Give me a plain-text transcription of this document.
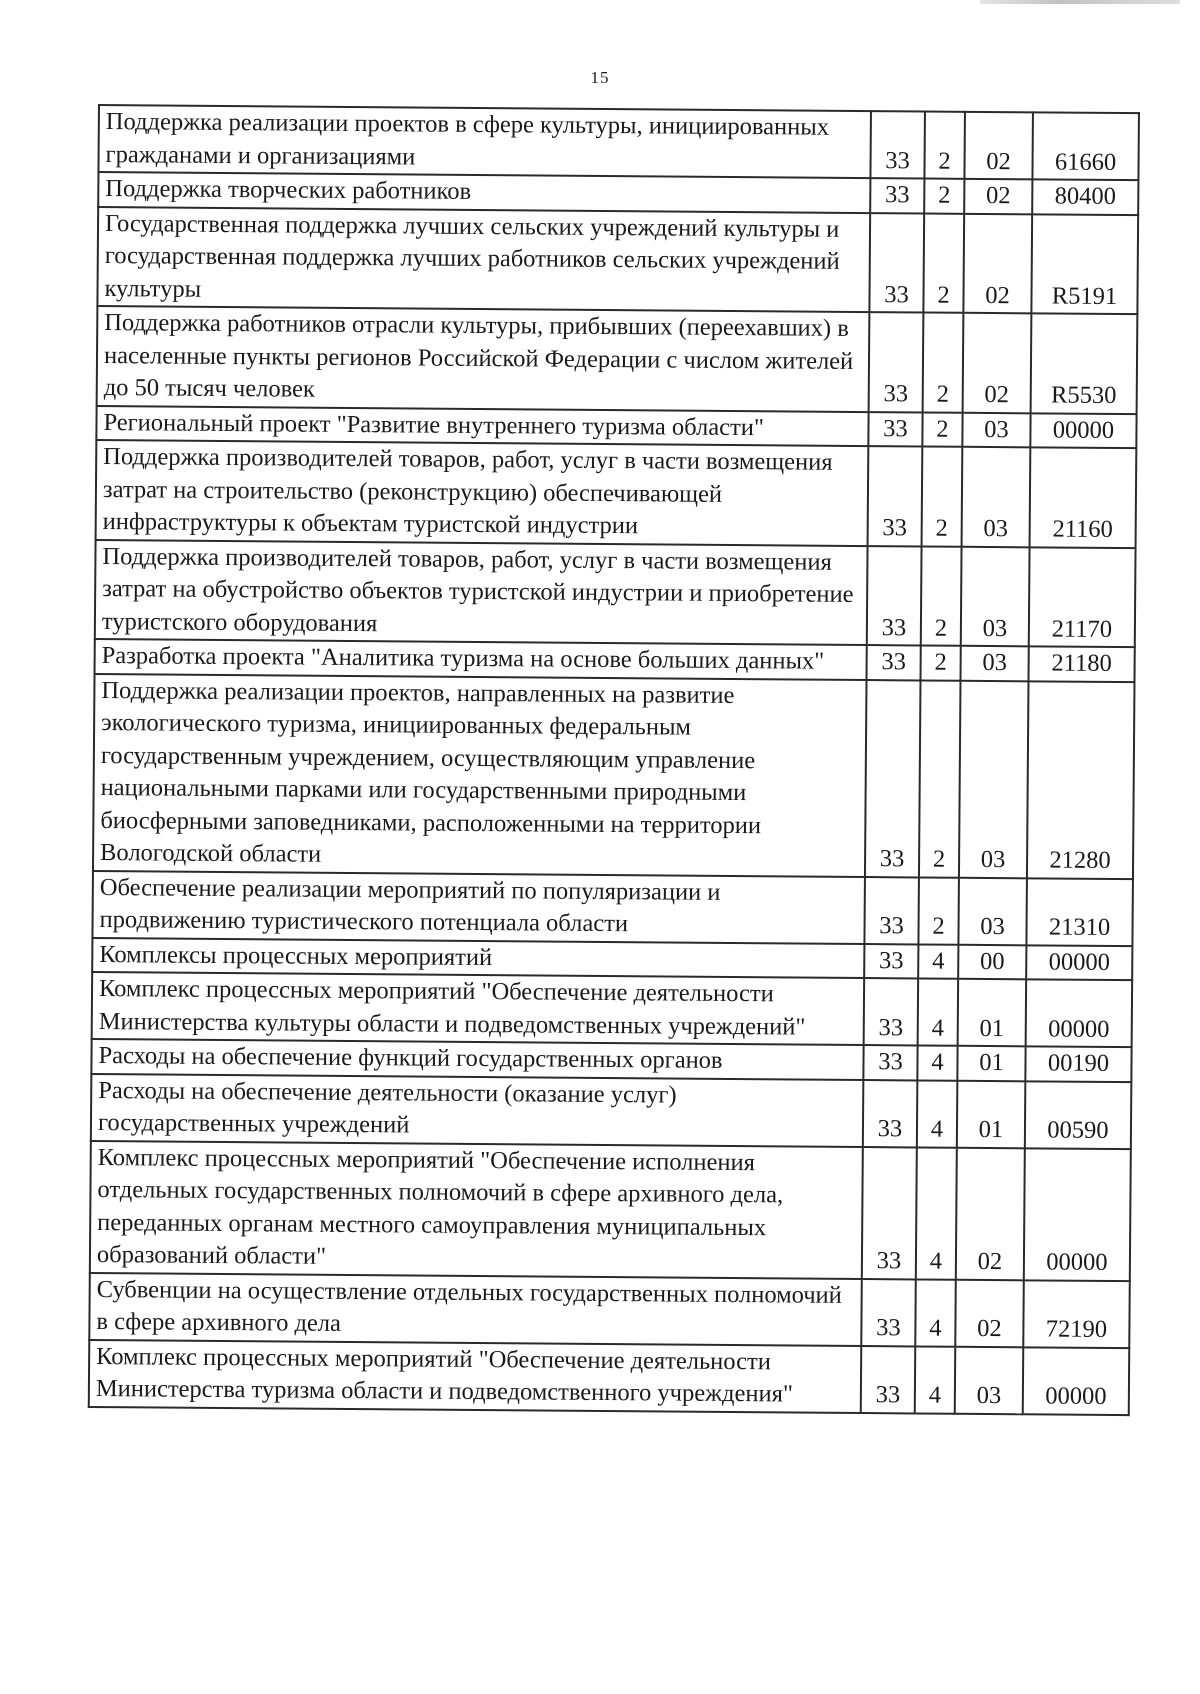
15
Поддержка реализации проектов в сфере культуры, инициированных гражданами и организациями	33	2	02	61660
Поддержка творческих работников	33	2	02	80400
Государственная поддержка лучших сельских учреждений культуры и государственная поддержка лучших работников сельских учреждений культуры	33	2	02	R5191
Поддержка работников отрасли культуры, прибывших (переехавших) в населенные пункты регионов Российской Федерации с числом жителей до 50 тысяч человек	33	2	02	R5530
Региональный проект "Развитие внутреннего туризма области"	33	2	03	00000
Поддержка производителей товаров, работ, услуг в части возмещения затрат на строительство (реконструкцию) обеспечивающей инфраструктуры к объектам туристской индустрии	33	2	03	21160
Поддержка производителей товаров, работ, услуг в части возмещения затрат на обустройство объектов туристской индустрии и приобретение туристского оборудования	33	2	03	21170
Разработка проекта "Аналитика туризма на основе больших данных"	33	2	03	21180
Поддержка реализации проектов, направленных на развитие экологического туризма, инициированных федеральным государственным учреждением, осуществляющим управление национальными парками или государственными природными биосферными заповедниками, расположенными на территории Вологодской области	33	2	03	21280
Обеспечение реализации мероприятий по популяризации и продвижению туристического потенциала области	33	2	03	21310
Комплексы процессных мероприятий	33	4	00	00000
Комплекс процессных мероприятий "Обеспечение деятельности Министерства культуры области и подведомственных учреждений"	33	4	01	00000
Расходы на обеспечение функций государственных органов	33	4	01	00190
Расходы на обеспечение деятельности (оказание услуг) государственных учреждений	33	4	01	00590
Комплекс процессных мероприятий "Обеспечение исполнения отдельных государственных полномочий в сфере архивного дела, переданных органам местного самоуправления муниципальных образований области"	33	4	02	00000
Субвенции на осуществление отдельных государственных полномочий в сфере архивного дела	33	4	02	72190
Комплекс процессных мероприятий "Обеспечение деятельности Министерства туризма области и подведомственного учреждения"	33	4	03	00000
